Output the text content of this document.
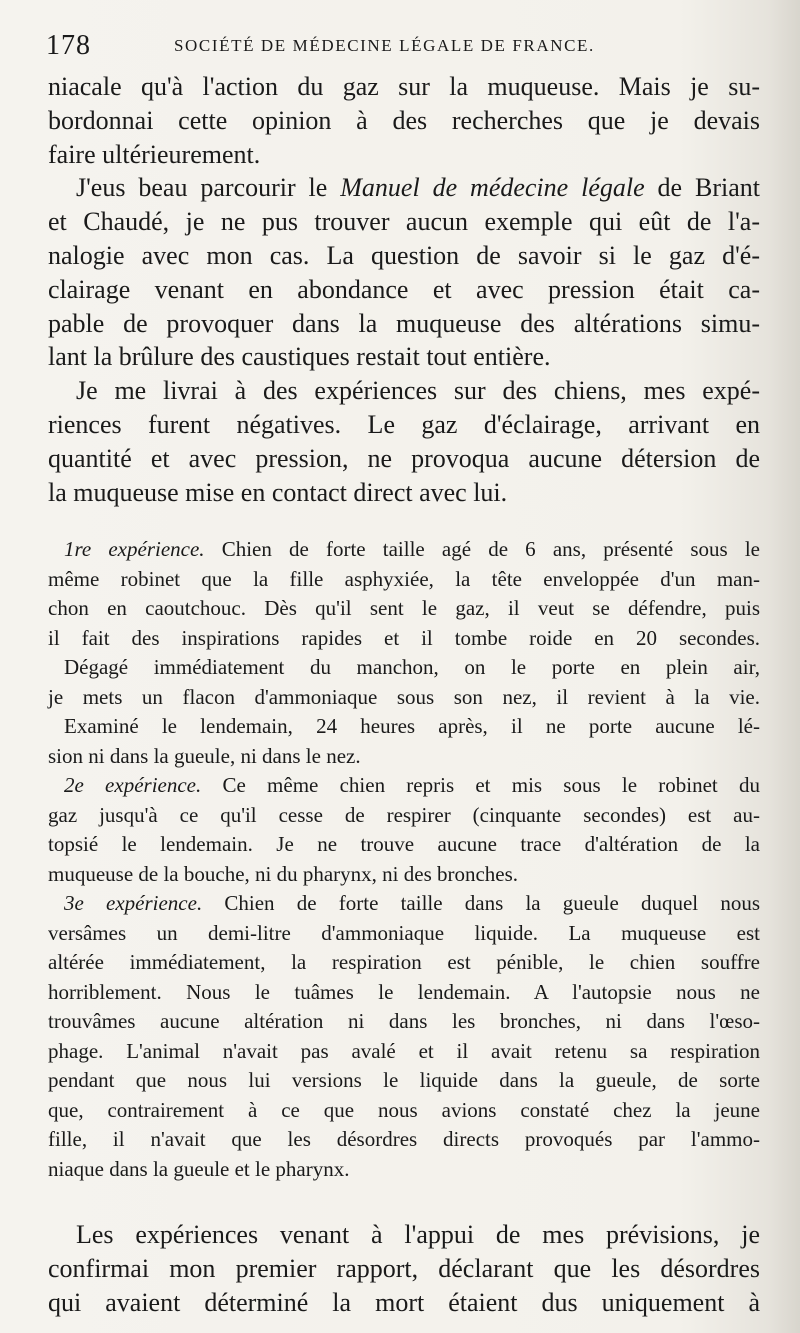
178	SOCIÉTÉ DE MÉDECINE LÉGALE DE FRANCE.

niacale qu'à l'action du gaz sur la muqueuse. Mais je su-
bordonnai cette opinion à des recherches que je devais
faire ultérieurement.

J'eus beau parcourir le Manuel de médecine légale de Briant
et Chaudé, je ne pus trouver aucun exemple qui eût de l'a-
nalogie avec mon cas. La question de savoir si le gaz d'é-
clairage venant en abondance et avec pression était ca-
pable de provoquer dans la muqueuse des altérations simu-
lant la brûlure des caustiques restait tout entière.

Je me livrai à des expériences sur des chiens, mes expé-
riences furent négatives. Le gaz d'éclairage, arrivant en
quantité et avec pression, ne provoqua aucune détersion de
la muqueuse mise en contact direct avec lui.

1re expérience. Chien de forte taille agé de 6 ans, présenté sous le
même robinet que la fille asphyxiée, la tête enveloppée d'un man-
chon en caoutchouc. Dès qu'il sent le gaz, il veut se défendre, puis
il fait des inspirations rapides et il tombe roide en 20 secondes.
Dégagé immédiatement du manchon, on le porte en plein air,
je mets un flacon d'ammoniaque sous son nez, il revient à la vie.
Examiné le lendemain, 24 heures après, il ne porte aucune lé-
sion ni dans la gueule, ni dans le nez.

2e expérience. Ce même chien repris et mis sous le robinet du
gaz jusqu'à ce qu'il cesse de respirer (cinquante secondes) est au-
topsié le lendemain. Je ne trouve aucune trace d'altération de la
muqueuse de la bouche, ni du pharynx, ni des bronches.

3e expérience. Chien de forte taille dans la gueule duquel nous
versâmes un demi-litre d'ammoniaque liquide. La muqueuse est
altérée immédiatement, la respiration est pénible, le chien souffre
horriblement. Nous le tuâmes le lendemain. A l'autopsie nous ne
trouvâmes aucune altération ni dans les bronches, ni dans l'œso-
phage. L'animal n'avait pas avalé et il avait retenu sa respiration
pendant que nous lui versions le liquide dans la gueule, de sorte
que, contrairement à ce que nous avions constaté chez la jeune
fille, il n'avait que les désordres directs provoqués par l'ammo-
niaque dans la gueule et le pharynx.

Les expériences venant à l'appui de mes prévisions, je
confirmai mon premier rapport, déclarant que les désordres
qui avaient déterminé la mort étaient dus uniquement à
